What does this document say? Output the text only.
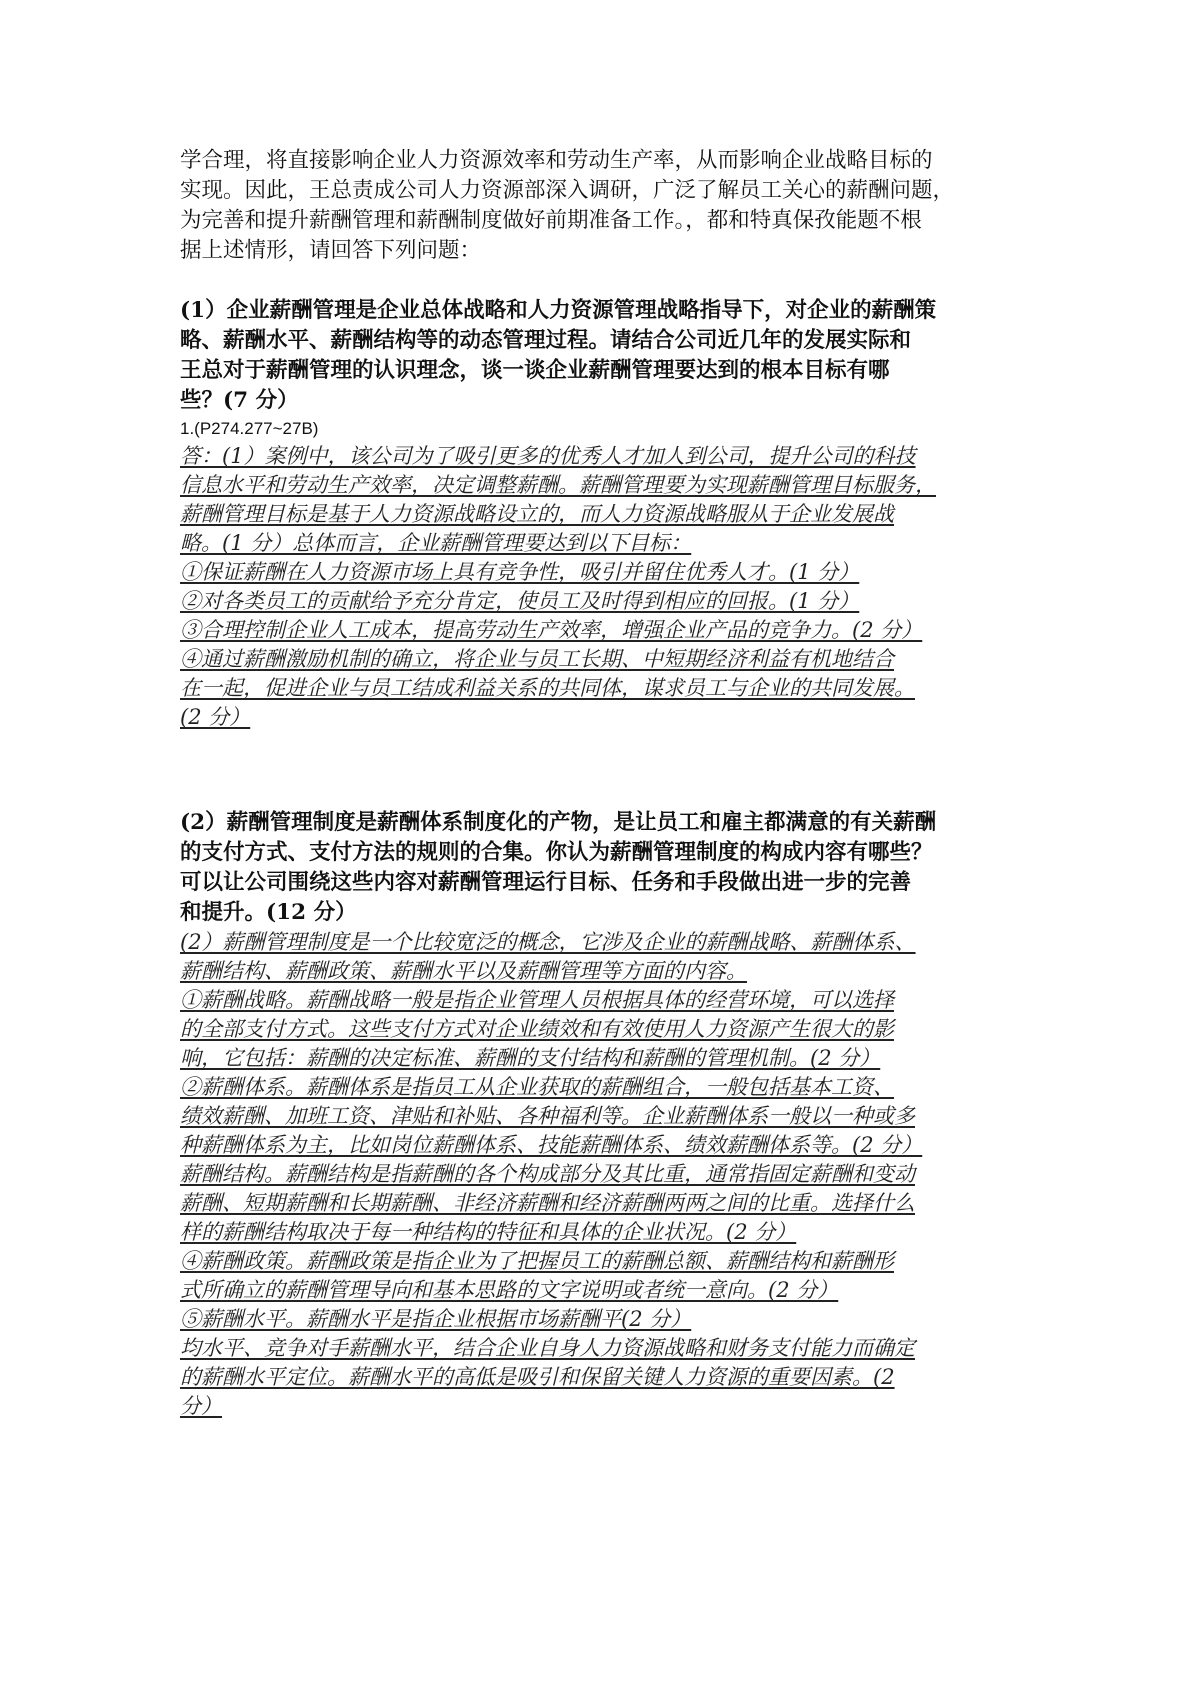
学合理，将直接影响企业人力资源效率和劳动生产率，从而影响企业战略目标的
实现。因此，王总责成公司人力资源部深入调研，广泛了解员工关心的薪酬问题，
为完善和提升薪酬管理和薪酬制度做好前期准备工作。，都和特真保孜能题不根
据上述情形，请回答下列问题：
(1）企业薪酬管理是企业总体战略和人力资源管理战略指导下，对企业的薪酬策
略、薪酬水平、薪酬结构等的动态管理过程。请结合公司近几年的发展实际和
王总对于薪酬管理的认识理念，谈一谈企业薪酬管理要达到的根本目标有哪
些？(7 分）

1.(P274.277~27B)

答：(1）案例中，该公司为了吸引更多的优秀人才加人到公司，提升公司的科技
信息水平和劳动生产效率，决定调整薪酬。薪酬管理要为实现薪酬管理目标服务，
薪酬管理目标是基于人力资源战略设立的，而人力资源战略服从于企业发展战
略。(1 分）总体而言，企业薪酬管理要达到以下目标：
①保证薪酬在人力资源市场上具有竞争性，吸引并留住优秀人才。(1 分）
②对各类员工的贡献给予充分肯定，使员工及时得到相应的回报。(1 分）
③合理控制企业人工成本，提高劳动生产效率，增强企业产品的竞争力。(2 分）
④通过薪酬激励机制的确立，将企业与员工长期、中短期经济利益有机地结合
在一起，促进企业与员工结成利益关系的共同体，谋求员工与企业的共同发展。
(2 分）
(2）薪酬管理制度是薪酬体系制度化的产物，是让员工和雇主都满意的有关薪酬
的支付方式、支付方法的规则的合集。你认为薪酬管理制度的构成内容有哪些？
可以让公司围绕这些内容对薪酬管理运行目标、任务和手段做出进一步的完善
和提升。(12 分）
(2）薪酬管理制度是一个比较宽泛的概念，它涉及企业的薪酬战略、薪酬体系、
薪酬结构、薪酬政策、薪酬水平以及薪酬管理等方面的内容。
①薪酬战略。薪酬战略一般是指企业管理人员根据具体的经营环境，可以选择
的全部支付方式。这些支付方式对企业绩效和有效使用人力资源产生很大的影
响，它包括：薪酬的决定标准、薪酬的支付结构和薪酬的管理机制。(2 分）
②薪酬体系。薪酬体系是指员工从企业获取的薪酬组合，一般包括基本工资、
绩效薪酬、加班工资、津贴和补贴、各种福利等。企业薪酬体系一般以一种或多
种薪酬体系为主，比如岗位薪酬体系、技能薪酬体系、绩效薪酬体系等。(2 分）
薪酬结构。薪酬结构是指薪酬的各个构成部分及其比重，通常指固定薪酬和变动
薪酬、短期薪酬和长期薪酬、非经济薪酬和经济薪酬两两之间的比重。选择什么
样的薪酬结构取决于每一种结构的特征和具体的企业状况。(2 分）
④薪酬政策。薪酬政策是指企业为了把握员工的薪酬总额、薪酬结构和薪酬形
式所确立的薪酬管理导向和基本思路的文字说明或者统一意向。(2 分）
⑤薪酬水平。薪酬水平是指企业根据市场薪酬平(2 分）
均水平、竞争对手薪酬水平，结合企业自身人力资源战略和财务支付能力而确定
的薪酬水平定位。薪酬水平的高低是吸引和保留关键人力资源的重要因素。(2
分）
